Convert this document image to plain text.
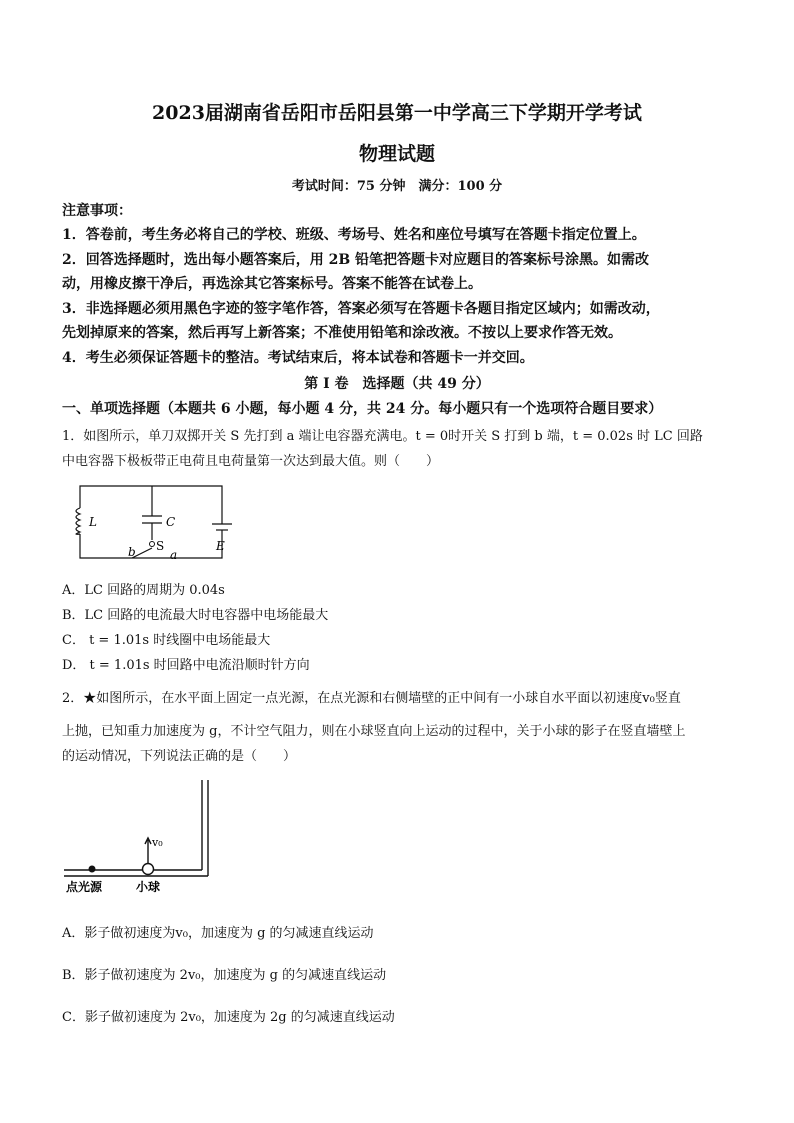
2023届湖南省岳阳市岳阳县第一中学高三下学期开学考试
物理试题
考试时间：75 分钟　满分：100 分
注意事项：
1．答卷前，考生务必将自己的学校、班级、考场号、姓名和座位号填写在答题卡指定位置上。
2．回答选择题时，选出每小题答案后，用 2B 铅笔把答题卡对应题目的答案标号涂黑。如需改
动，用橡皮擦干净后，再选涂其它答案标号。答案不能答在试卷上。
3．非选择题必须用黑色字迹的签字笔作答，答案必须写在答题卡各题目指定区域内；如需改动，
先划掉原来的答案，然后再写上新答案；不准使用铅笔和涂改液。不按以上要求作答无效。
4．考生必须保证答题卡的整洁。考试结束后，将本试卷和答题卡一并交回。
第 I 卷　选择题（共 49 分）
一、单项选择题（本题共 6 小题，每小题 4 分，共 24 分。每小题只有一个选项符合题目要求）
1．如图所示，单刀双掷开关 S 先打到 a 端让电容器充满电。t = 0时开关 S 打到 b 端，t = 0.02s 时 LC 回路
中电容器下极板带正电荷且电荷量第一次达到最大值。则（　　）
L	C
S	E
a
b
A．LC 回路的周期为 0.04s
B．LC 回路的电流最大时电容器中电场能最大
C． t = 1.01s 时线圈中电场能最大
D． t = 1.01s 时回路中电流沿顺时针方向
2．★如图所示，在水平面上固定一点光源，在点光源和右侧墙壁的正中间有一小球自水平面以初速度v₀竖直
上抛，已知重力加速度为 g，不计空气阻力，则在小球竖直向上运动的过程中，关于小球的影子在竖直墙壁上
的运动情况，下列说法正确的是（　　）
v₀
点光源	小球
A．影子做初速度为v₀，加速度为 g 的匀减速直线运动
B．影子做初速度为 2v₀，加速度为 g 的匀减速直线运动
C．影子做初速度为 2v₀，加速度为 2g 的匀减速直线运动
